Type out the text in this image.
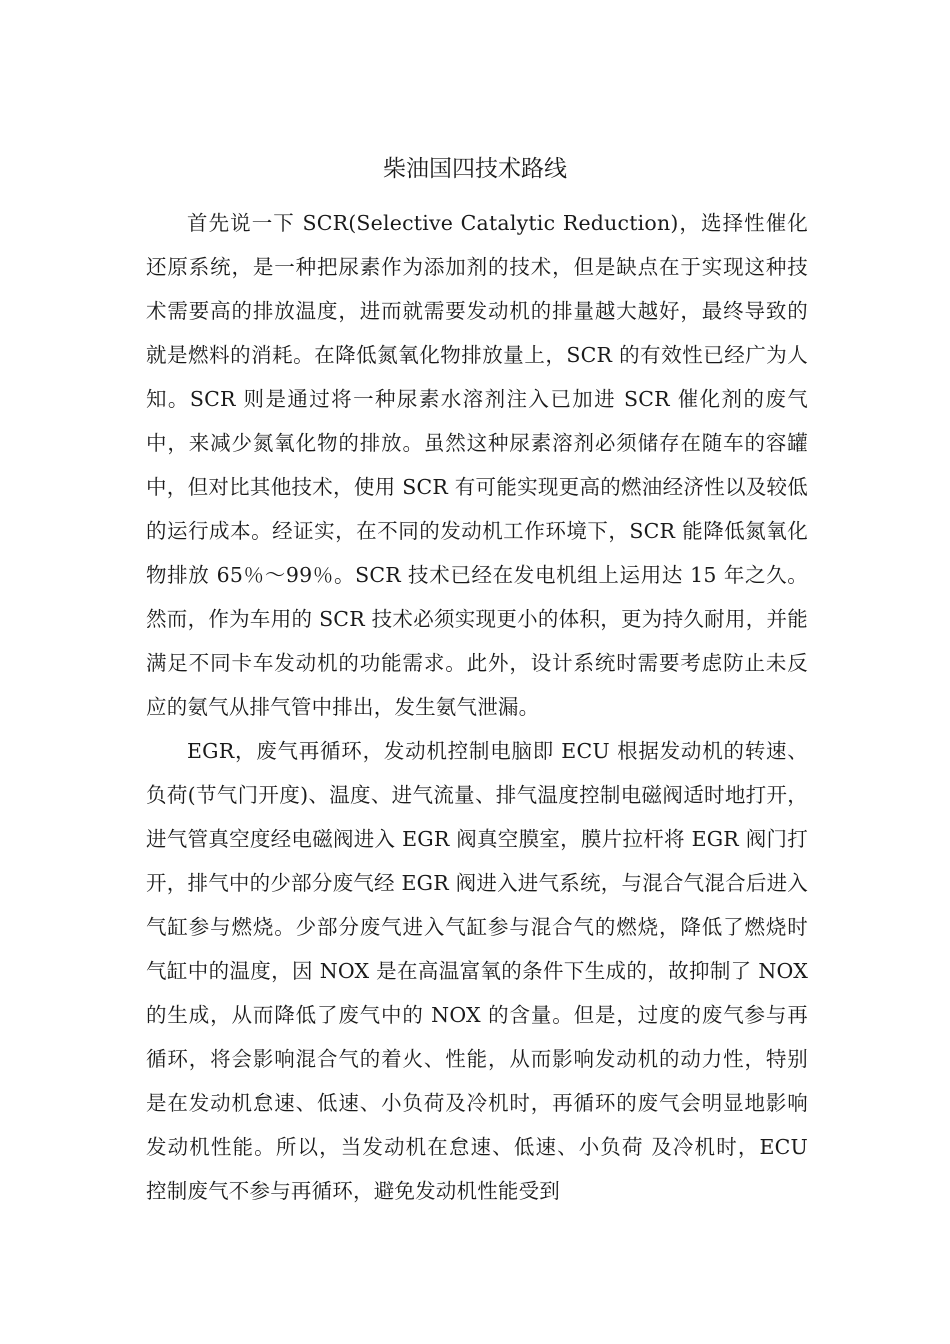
柴油国四技术路线

首先说一下 SCR(Selective Catalytic Reduction)，选择性催化还原系统，是一种把尿素作为添加剂的技术，但是缺点在于实现这种技术需要高的排放温度，进而就需要发动机的排量越大越好，最终导致的就是燃料的消耗。在降低氮氧化物排放量上，SCR 的有效性已经广为人知。SCR 则是通过将一种尿素水溶剂注入已加进 SCR 催化剂的废气中，来减少氮氧化物的排放。虽然这种尿素溶剂必须储存在随车的容罐中，但对比其他技术，使用 SCR 有可能实现更高的燃油经济性以及较低的运行成本。经证实，在不同的发动机工作环境下，SCR 能降低氮氧化物排放 65％～99％。SCR 技术已经在发电机组上运用达 15 年之久。然而，作为车用的 SCR 技术必须实现更小的体积，更为持久耐用，并能满足不同卡车发动机的功能需求。此外，设计系统时需要考虑防止未反应的氨气从排气管中排出，发生氨气泄漏。

EGR，废气再循环，发动机控制电脑即 ECU 根据发动机的转速、负荷(节气门开度)、温度、进气流量、排气温度控制电磁阀适时地打开，进气管真空度经电磁阀进入 EGR 阀真空膜室，膜片拉杆将 EGR 阀门打开，排气中的少部分废气经 EGR 阀进入进气系统，与混合气混合后进入气缸参与燃烧。少部分废气进入气缸参与混合气的燃烧，降低了燃烧时气缸中的温度，因 NOX 是在高温富氧的条件下生成的，故抑制了 NOX 的生成，从而降低了废气中的 NOX 的含量。但是，过度的废气参与再循环，将会影响混合气的着火、性能，从而影响发动机的动力性，特别是在发动机怠速、低速、小负荷及冷机时，再循环的废气会明显地影响发动机性能。所以，当发动机在怠速、低速、小负荷 及冷机时，ECU 控制废气不参与再循环，避免发动机性能受到
